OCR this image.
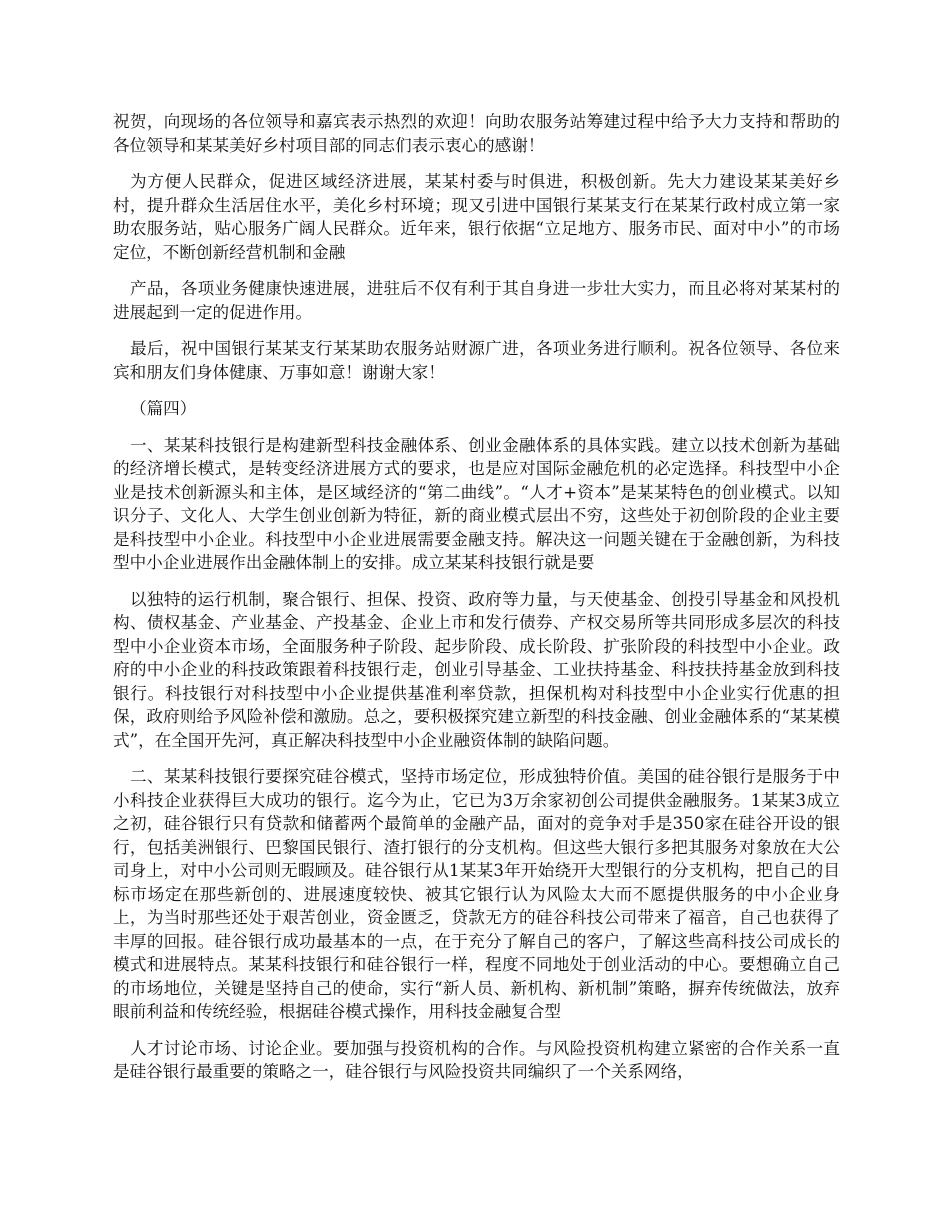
祝贺，向现场的各位领导和嘉宾表示热烈的欢迎！向助农服务站筹建过程中给予大力支持和帮助的各位领导和某某美好乡村项目部的同志们表示衷心的感谢！

为方便人民群众，促进区域经济进展，某某村委与时俱进，积极创新。先大力建设某某美好乡村，提升群众生活居住水平，美化乡村环境；现又引进中国银行某某支行在某某行政村成立第一家助农服务站，贴心服务广阔人民群众。近年来，银行依据“立足地方、服务市民、面对中小”的市场定位，不断创新经营机制和金融

产品，各项业务健康快速进展，进驻后不仅有利于其自身进一步壮大实力，而且必将对某某村的进展起到一定的促进作用。

最后，祝中国银行某某支行某某助农服务站财源广进，各项业务进行顺利。祝各位领导、各位来宾和朋友们身体健康、万事如意！谢谢大家！

（篇四）

一、某某科技银行是构建新型科技金融体系、创业金融体系的具体实践。建立以技术创新为基础的经济增长模式，是转变经济进展方式的要求，也是应对国际金融危机的必定选择。科技型中小企业是技术创新源头和主体，是区域经济的“第二曲线”。“人才+资本”是某某特色的创业模式。以知识分子、文化人、大学生创业创新为特征，新的商业模式层出不穷，这些处于初创阶段的企业主要是科技型中小企业。科技型中小企业进展需要金融支持。解决这一问题关键在于金融创新，为科技型中小企业进展作出金融体制上的安排。成立某某科技银行就是要

以独特的运行机制，聚合银行、担保、投资、政府等力量，与天使基金、创投引导基金和风投机构、债权基金、产业基金、产投基金、企业上市和发行债券、产权交易所等共同形成多层次的科技型中小企业资本市场，全面服务种子阶段、起步阶段、成长阶段、扩张阶段的科技型中小企业。政府的中小企业的科技政策跟着科技银行走，创业引导基金、工业扶持基金、科技扶持基金放到科技银行。科技银行对科技型中小企业提供基准利率贷款，担保机构对科技型中小企业实行优惠的担保，政府则给予风险补偿和激励。总之，要积极探究建立新型的科技金融、创业金融体系的“某某模式”，在全国开先河，真正解决科技型中小企业融资体制的缺陷问题。

二、某某科技银行要探究硅谷模式，坚持市场定位，形成独特价值。美国的硅谷银行是服务于中小科技企业获得巨大成功的银行。迄今为止，它已为3万余家初创公司提供金融服务。1某某3成立之初，硅谷银行只有贷款和储蓄两个最简单的金融产品，面对的竞争对手是350家在硅谷开设的银行，包括美洲银行、巴黎国民银行、渣打银行的分支机构。但这些大银行多把其服务对象放在大公司身上，对中小公司则无暇顾及。硅谷银行从1某某3年开始绕开大型银行的分支机构，把自己的目标市场定在那些新创的、进展速度较快、被其它银行认为风险太大而不愿提供服务的中小企业身上，为当时那些还处于艰苦创业，资金匮乏，贷款无方的硅谷科技公司带来了福音，自己也获得了丰厚的回报。硅谷银行成功最基本的一点，在于充分了解自己的客户，了解这些高科技公司成长的模式和进展特点。某某科技银行和硅谷银行一样，程度不同地处于创业活动的中心。要想确立自己的市场地位，关键是坚持自己的使命，实行“新人员、新机构、新机制”策略，摒弃传统做法，放弃眼前利益和传统经验，根据硅谷模式操作，用科技金融复合型

人才讨论市场、讨论企业。要加强与投资机构的合作。与风险投资机构建立紧密的合作关系一直是硅谷银行最重要的策略之一，硅谷银行与风险投资共同编织了一个关系网络，
